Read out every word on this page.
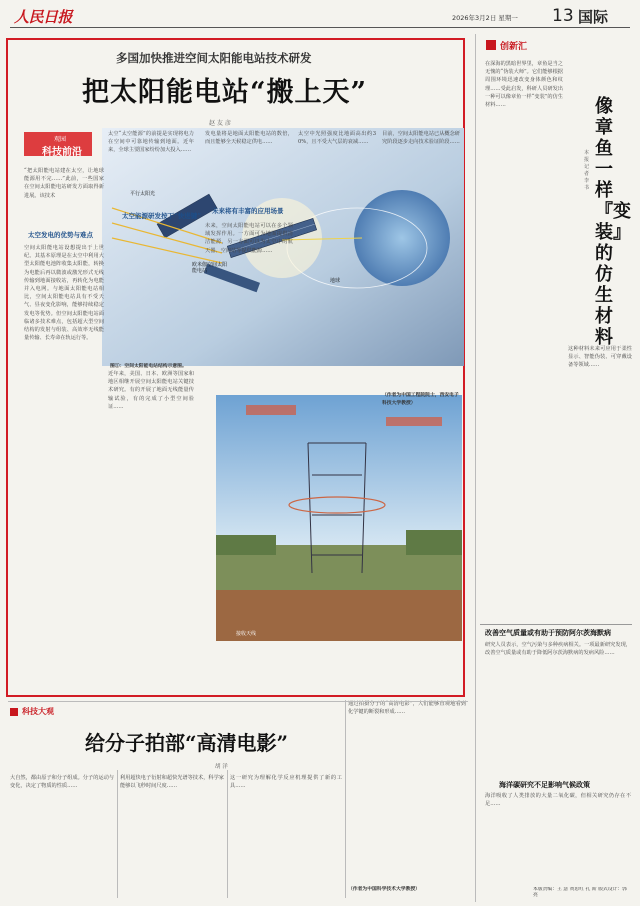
人民日报	2026年3月2日 星期一 13 国际
多国加快推进空间太阳能电站技术研发
把太阳能电站“搬上天”
赵 友 彦
地球
平行太阳光
欧米伽空间太阳能电站
观园
科技前沿
“把太阳能电站建在太空，让地球能源用不完……”此前，一些国家在空间太阳能电站研发方面取得新进展。该技术
太空发电的优势与难点
空间太阳能电站设想提出于上世纪。其基本原理是在太空中利用大型太阳能电池阵收集太阳能，转换为电能后再以微波或激光形式无线传输到地面接收站，再转化为电能并入电网。与地面太阳能电站相比，空间太阳能电站具有不受天气、昼夜变化影响，能够持续稳定发电等优势。但空间太阳能电站面临诸多技术难点，包括超大型空间结构的发射与组装、高效率无线能量传输、长寿命在轨运行等。
太空能源研发按下“快进键”
太空“太空能源”的前提是实现将电力在空间中可靠地传输到地面。近年来，全球主要国家纷纷加大投入……
未来将有丰富的应用场景
发电量将是地面太阳能电站的数倍，而且能够全天候稳定供电……
近年来，美国、日本、欧洲等国家和地区相继开展空间太阳能电站关键技术研究。有的开展了地面无线能量传输试验，有的完成了小型空间验证……
图①：空间太阳能电站结构示意图。
接收天线
未来，空间太阳能电站可以在多个领域发挥作用。一方面可为地面提供清洁能源，另一方面可以为太空中的航天器、空间站等提供能源……
太空中光照强度比地面高出约30%，且不受大气层的衰减……
目前，空间太阳能电站已从概念研究阶段逐步走向技术验证阶段……
（作者为中国工程院院士，西安电子科技大学教授）
创新汇
像章鱼一样『变装』的仿生材料
本报记者 李 书
在深海的黑暗世界里，章鱼是当之无愧的“伪装大师”。它们能够根据周围环境迅速改变身体颜色和纹理……受此启发，科研人员研发出一种可以像章鱼一样“变装”的仿生材料……
这种材料未来可应用于柔性显示、智能伪装、可穿戴设备等领域……
改善空气质量或有助于预防阿尔茨海默病
研究人员表示，空气污染与多种疾病相关。一项最新研究发现，改善空气质量或有助于降低阿尔茨海默病的发病风险……
海洋碳研究不足影响气候政策
海洋吸收了人类排放的大量二氧化碳，但相关研究仍存在不足……
本版责编：王 慧 黄思红 孔 斯 版式设计：郭 亮
科技大观
给分子拍部“高清电影”
胡 洋
大自然，都由原子和分子组成。分子的运动与变化，决定了物质的性质……
利用超快电子衍射和超快光谱等技术，科学家能够以飞秒时间尺度……
这一研究为理解化学反应机理提供了新的工具……
通过拍摄分子的“高清电影”，人们能够直观地看到化学键的断裂和形成……
（作者为中国科学技术大学教授）
